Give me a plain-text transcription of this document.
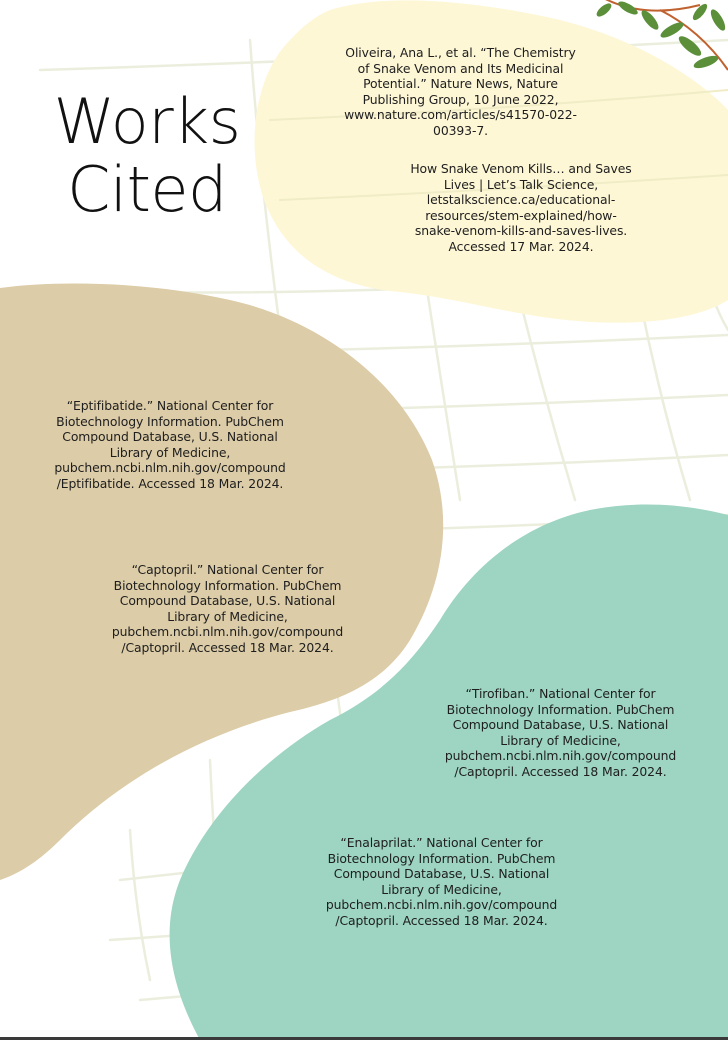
Works
Cited
Oliveira, Ana L., et al. “The Chemistry
of Snake Venom and Its Medicinal
Potential.” Nature News, Nature
Publishing Group, 10 June 2022,
www.nature.com/articles/s41570-022-
00393-7.
How Snake Venom Kills… and Saves
Lives | Let’s Talk Science,
letstalkscience.ca/educational-
resources/stem-explained/how-
snake-venom-kills-and-saves-lives.
Accessed 17 Mar. 2024.
“Eptifibatide.” National Center for
Biotechnology Information. PubChem
Compound Database, U.S. National
Library of Medicine,
pubchem.ncbi.nlm.nih.gov/compound
/Eptifibatide. Accessed 18 Mar. 2024.
“Captopril.” National Center for
Biotechnology Information. PubChem
Compound Database, U.S. National
Library of Medicine,
pubchem.ncbi.nlm.nih.gov/compound
/Captopril. Accessed 18 Mar. 2024.
“Tirofiban.” National Center for
Biotechnology Information. PubChem
Compound Database, U.S. National
Library of Medicine,
pubchem.ncbi.nlm.nih.gov/compound
/Captopril. Accessed 18 Mar. 2024.
“Enalaprilat.” National Center for
Biotechnology Information. PubChem
Compound Database, U.S. National
Library of Medicine,
pubchem.ncbi.nlm.nih.gov/compound
/Captopril. Accessed 18 Mar. 2024.
